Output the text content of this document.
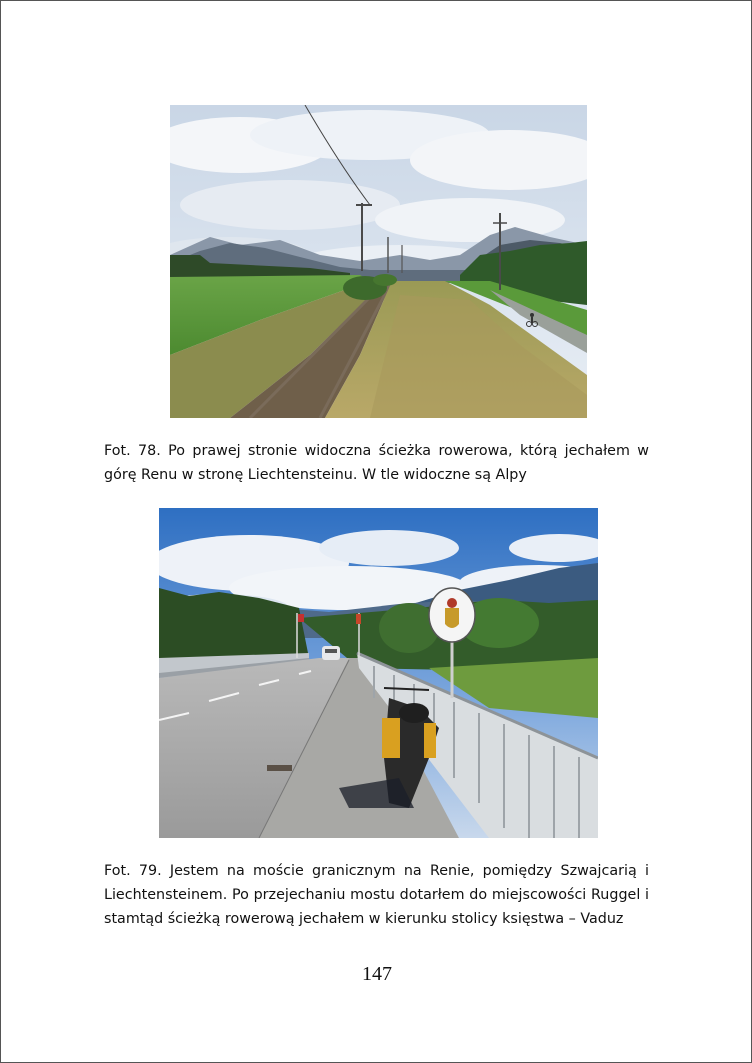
Fot. 78. Po prawej stronie widoczna ścieżka rowerowa, którą jechałem w górę Renu w stronę Liechtensteinu. W tle widoczne są Alpy
Fot. 79. Jestem na moście granicznym na Renie, pomiędzy Szwajcarią i Liechtensteinem. Po przejechaniu mostu dotarłem do miejscowości Ruggel i stamtąd ścieżką rowerową jechałem w kierunku stolicy księstwa – Vaduz
147
